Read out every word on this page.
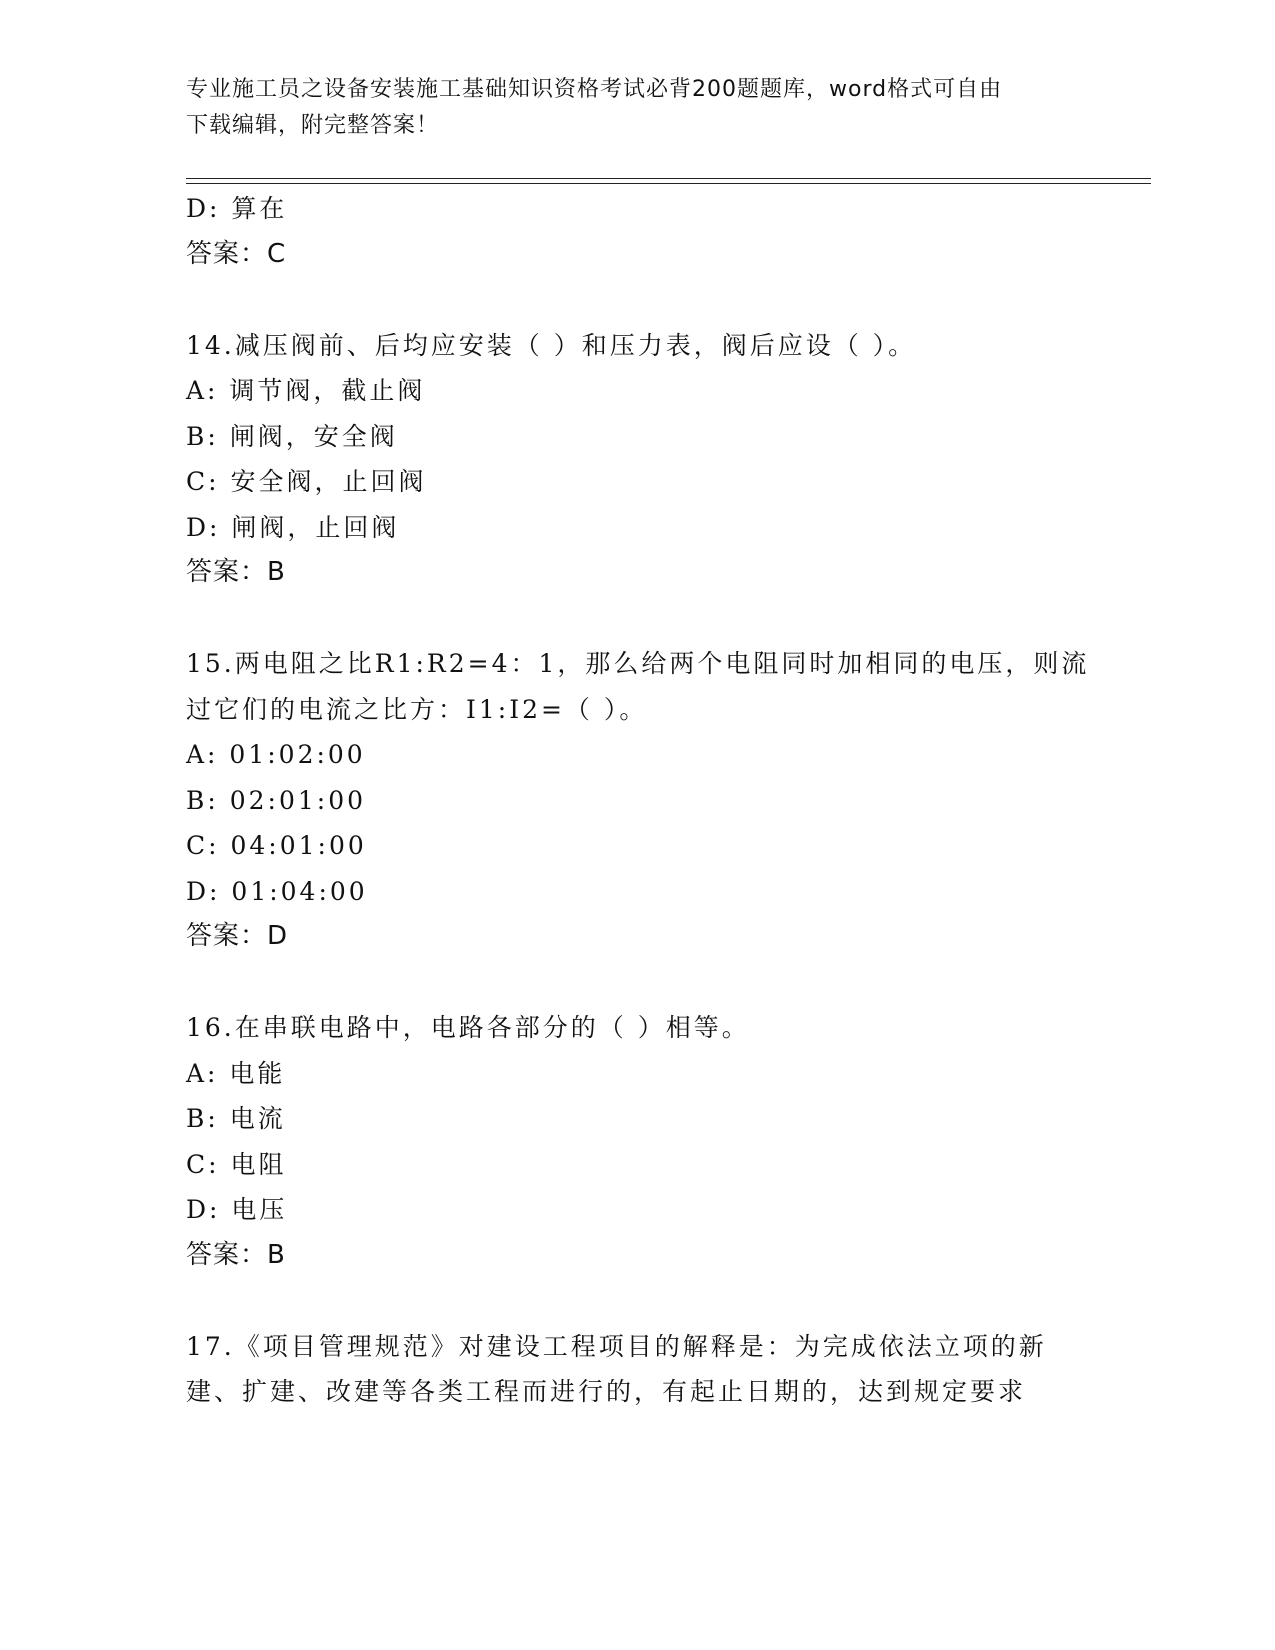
专业施工员之设备安装施工基础知识资格考试必背200题题库，word格式可自由
下载编辑，附完整答案！
D: 算在
答案：C
14.减压阀前、后均应安装（ ）和压力表，阀后应设（ ）。
A: 调节阀，截止阀
B: 闸阀，安全阀
C: 安全阀，止回阀
D: 闸阀，止回阀
答案：B
15.两电阻之比R1:R2=4：1，那么给两个电阻同时加相同的电压，则流
过它们的电流之比方：I1:I2=（ ）。
A: 01:02:00
B: 02:01:00
C: 04:01:00
D: 01:04:00
答案：D
16.在串联电路中，电路各部分的（ ）相等。
A: 电能
B: 电流
C: 电阻
D: 电压
答案：B
17.《项目管理规范》对建设工程项目的解释是：为完成依法立项的新
建、扩建、改建等各类工程而进行的，有起止日期的，达到规定要求
